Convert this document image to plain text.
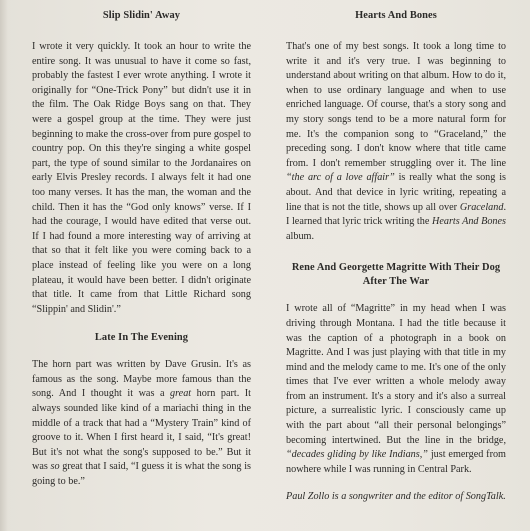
Slip Slidin' Away

I wrote it very quickly. It took an hour to write the entire song. It was unusual to have it come so fast, probably the fastest I ever wrote anything. I wrote it originally for “One-Trick Pony” but didn't use it in the film. The Oak Ridge Boys sang on that. They were a gospel group at the time. They were just beginning to make the cross-over from pure gospel to country pop. On this they're singing a white gospel part, the type of sound similar to the Jordanaires on early Elvis Presley records. I always felt it had one too many verses. It has the man, the woman and the child. Then it has the “God only knows” verse. If I had the courage, I would have edited that verse out. If I had found a more interesting way of arriving at that so that it felt like you were coming back to a place instead of feeling like you were on a long plateau, it would have been better. I didn't originate that title. It came from that Little Richard song “Slippin' and Slidin'.”

Late In The Evening

The horn part was written by Dave Grusin. It's as famous as the song. Maybe more famous than the song. And I thought it was a great horn part. It always sounded like kind of a mariachi thing in the middle of a track that had a “Mystery Train” kind of groove to it. When I first heard it, I said, “It's great! But it's not what the song's supposed to be.” But it was so great that I said, “I guess it is what the song is going to be.”

Hearts And Bones

That's one of my best songs. It took a long time to write it and it's very true. I was beginning to understand about writing on that album. How to do it, when to use ordinary language and when to use enriched language. Of course, that's a story song and my story songs tend to be a more natural form for me. It's the companion song to “Graceland,” the preceding song. I don't know where that title came from. I don't remember struggling over it. The line “the arc of a love affair” is really what the song is about. And that device in lyric writing, repeating a line that is not the title, shows up all over Graceland. I learned that lyric trick writing the Hearts And Bones album.

Rene And Georgette Magritte With Their Dog After The War

I wrote all of “Magritte” in my head when I was driving through Montana. I had the title because it was the caption of a photograph in a book on Magritte. And I was just playing with that title in my mind and the melody came to me. It's one of the only times that I've ever written a whole melody away from an instrument. It's a story and it's also a surreal picture, a surrealistic lyric. I consciously came up with the part about “all their personal belongings” becoming intertwined. But the line in the bridge, “decades gliding by like Indians,” just emerged from nowhere while I was running in Central Park.

Paul Zollo is a songwriter and the editor of SongTalk.
